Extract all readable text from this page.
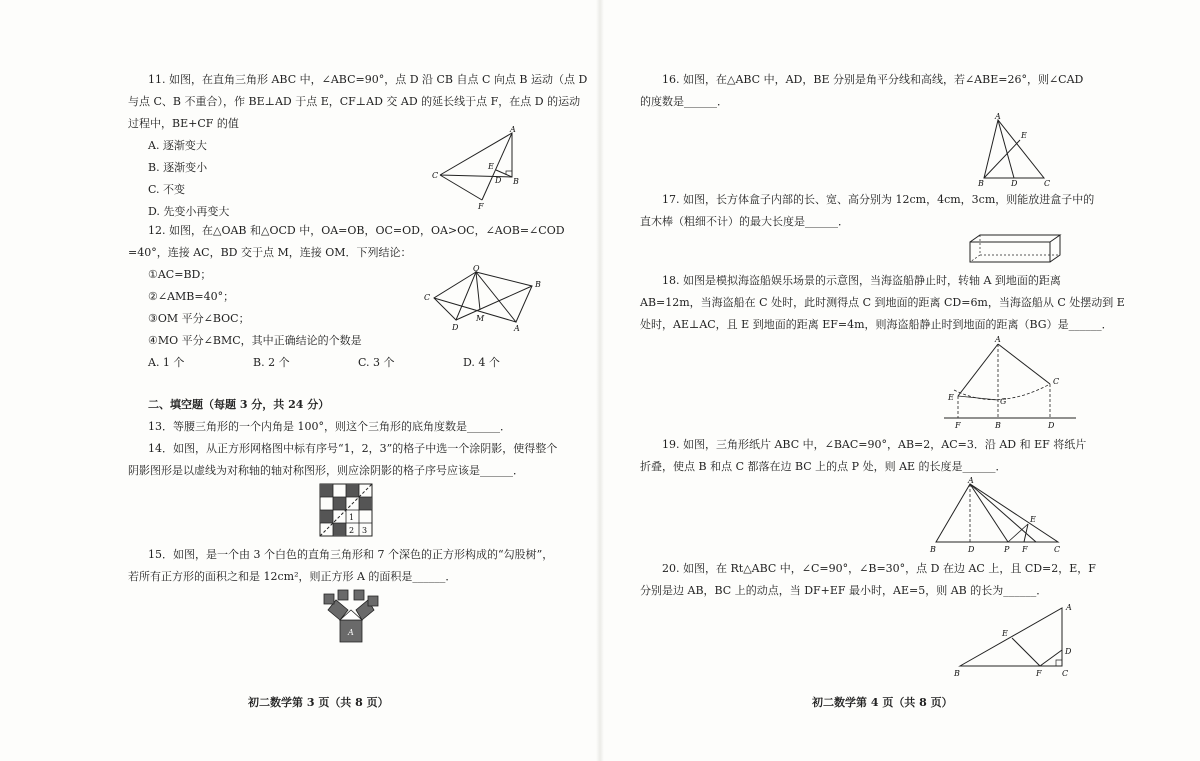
11. 如图，在直角三角形 ABC 中，∠ABC=90°，点 D 沿 CB 自点 C 向点 B 运动（点 D
与点 C、B 不重合），作 BE⊥AD 于点 E，CF⊥AD 交 AD 的延长线于点 F，在点 D 的运动
过程中，BE+CF 的值
A. 逐渐变大
B. 逐渐变小
C. 不变
D. 先变小再变大
A
B
C
D
E
F
12. 如图，在△OAB 和△OCD 中，OA=OB，OC=OD，OA>OC，∠AOB=∠COD
=40°，连接 AC，BD 交于点 M，连接 OM．下列结论：
①AC=BD；
②∠AMB=40°；
③OM 平分∠BOC；
④MO 平分∠BMC，其中正确结论的个数是
A. 1 个	B. 2 个	C. 3 个	D. 4 个
O
C
B
D
M
A
二、填空题（每题 3 分，共 24 分）
13．等腰三角形的一个内角是 100°，则这个三角形的底角度数是______．
14．如图，从正方形网格图中标有序号“1，2，3”的格子中选一个涂阴影，使得整个
阴影图形是以虚线为对称轴的轴对称图形，则应涂阴影的格子序号应该是______．
1
2 3
15．如图，是一个由 3 个白色的直角三角形和 7 个深色的正方形构成的“勾股树”，
若所有正方形的面积之和是 12cm²，则正方形 A 的面积是______．
A
初二数学第 3 页（共 8 页）
16. 如图，在△ABC 中，AD，BE 分别是角平分线和高线，若∠ABE=26°，则∠CAD
的度数是______．
A
E
B	D	C
17. 如图，长方体盒子内部的长、宽、高分别为 12cm，4cm，3cm，则能放进盒子中的
直木棒（粗细不计）的最大长度是______．
18. 如图是模拟海盗船娱乐场景的示意图，当海盗船静止时，转轴 A 到地面的距离
AB=12m，当海盗船在 C 处时，此时测得点 C 到地面的距离 CD=6m，当海盗船从 C 处摆动到 E
处时，AE⊥AC，且 E 到地面的距离 EF=4m，则海盗船静止时到地面的距离（BG）是______．
A
C
E	G
F	B	D
19. 如图，三角形纸片 ABC 中，∠BAC=90°，AB=2，AC=3．沿 AD 和 EF 将纸片
折叠，使点 B 和点 C 都落在边 BC 上的点 P 处，则 AE 的长度是______．
A
B	D	P F
E
C
20. 如图，在 Rt△ABC 中，∠C=90°，∠B=30°，点 D 在边 AC 上，且 CD=2，E，F
分别是边 AB，BC 上的动点，当 DF+EF 最小时，AE=5，则 AB 的长为______．
A
E
D
B	F	C
初二数学第 4 页（共 8 页）
